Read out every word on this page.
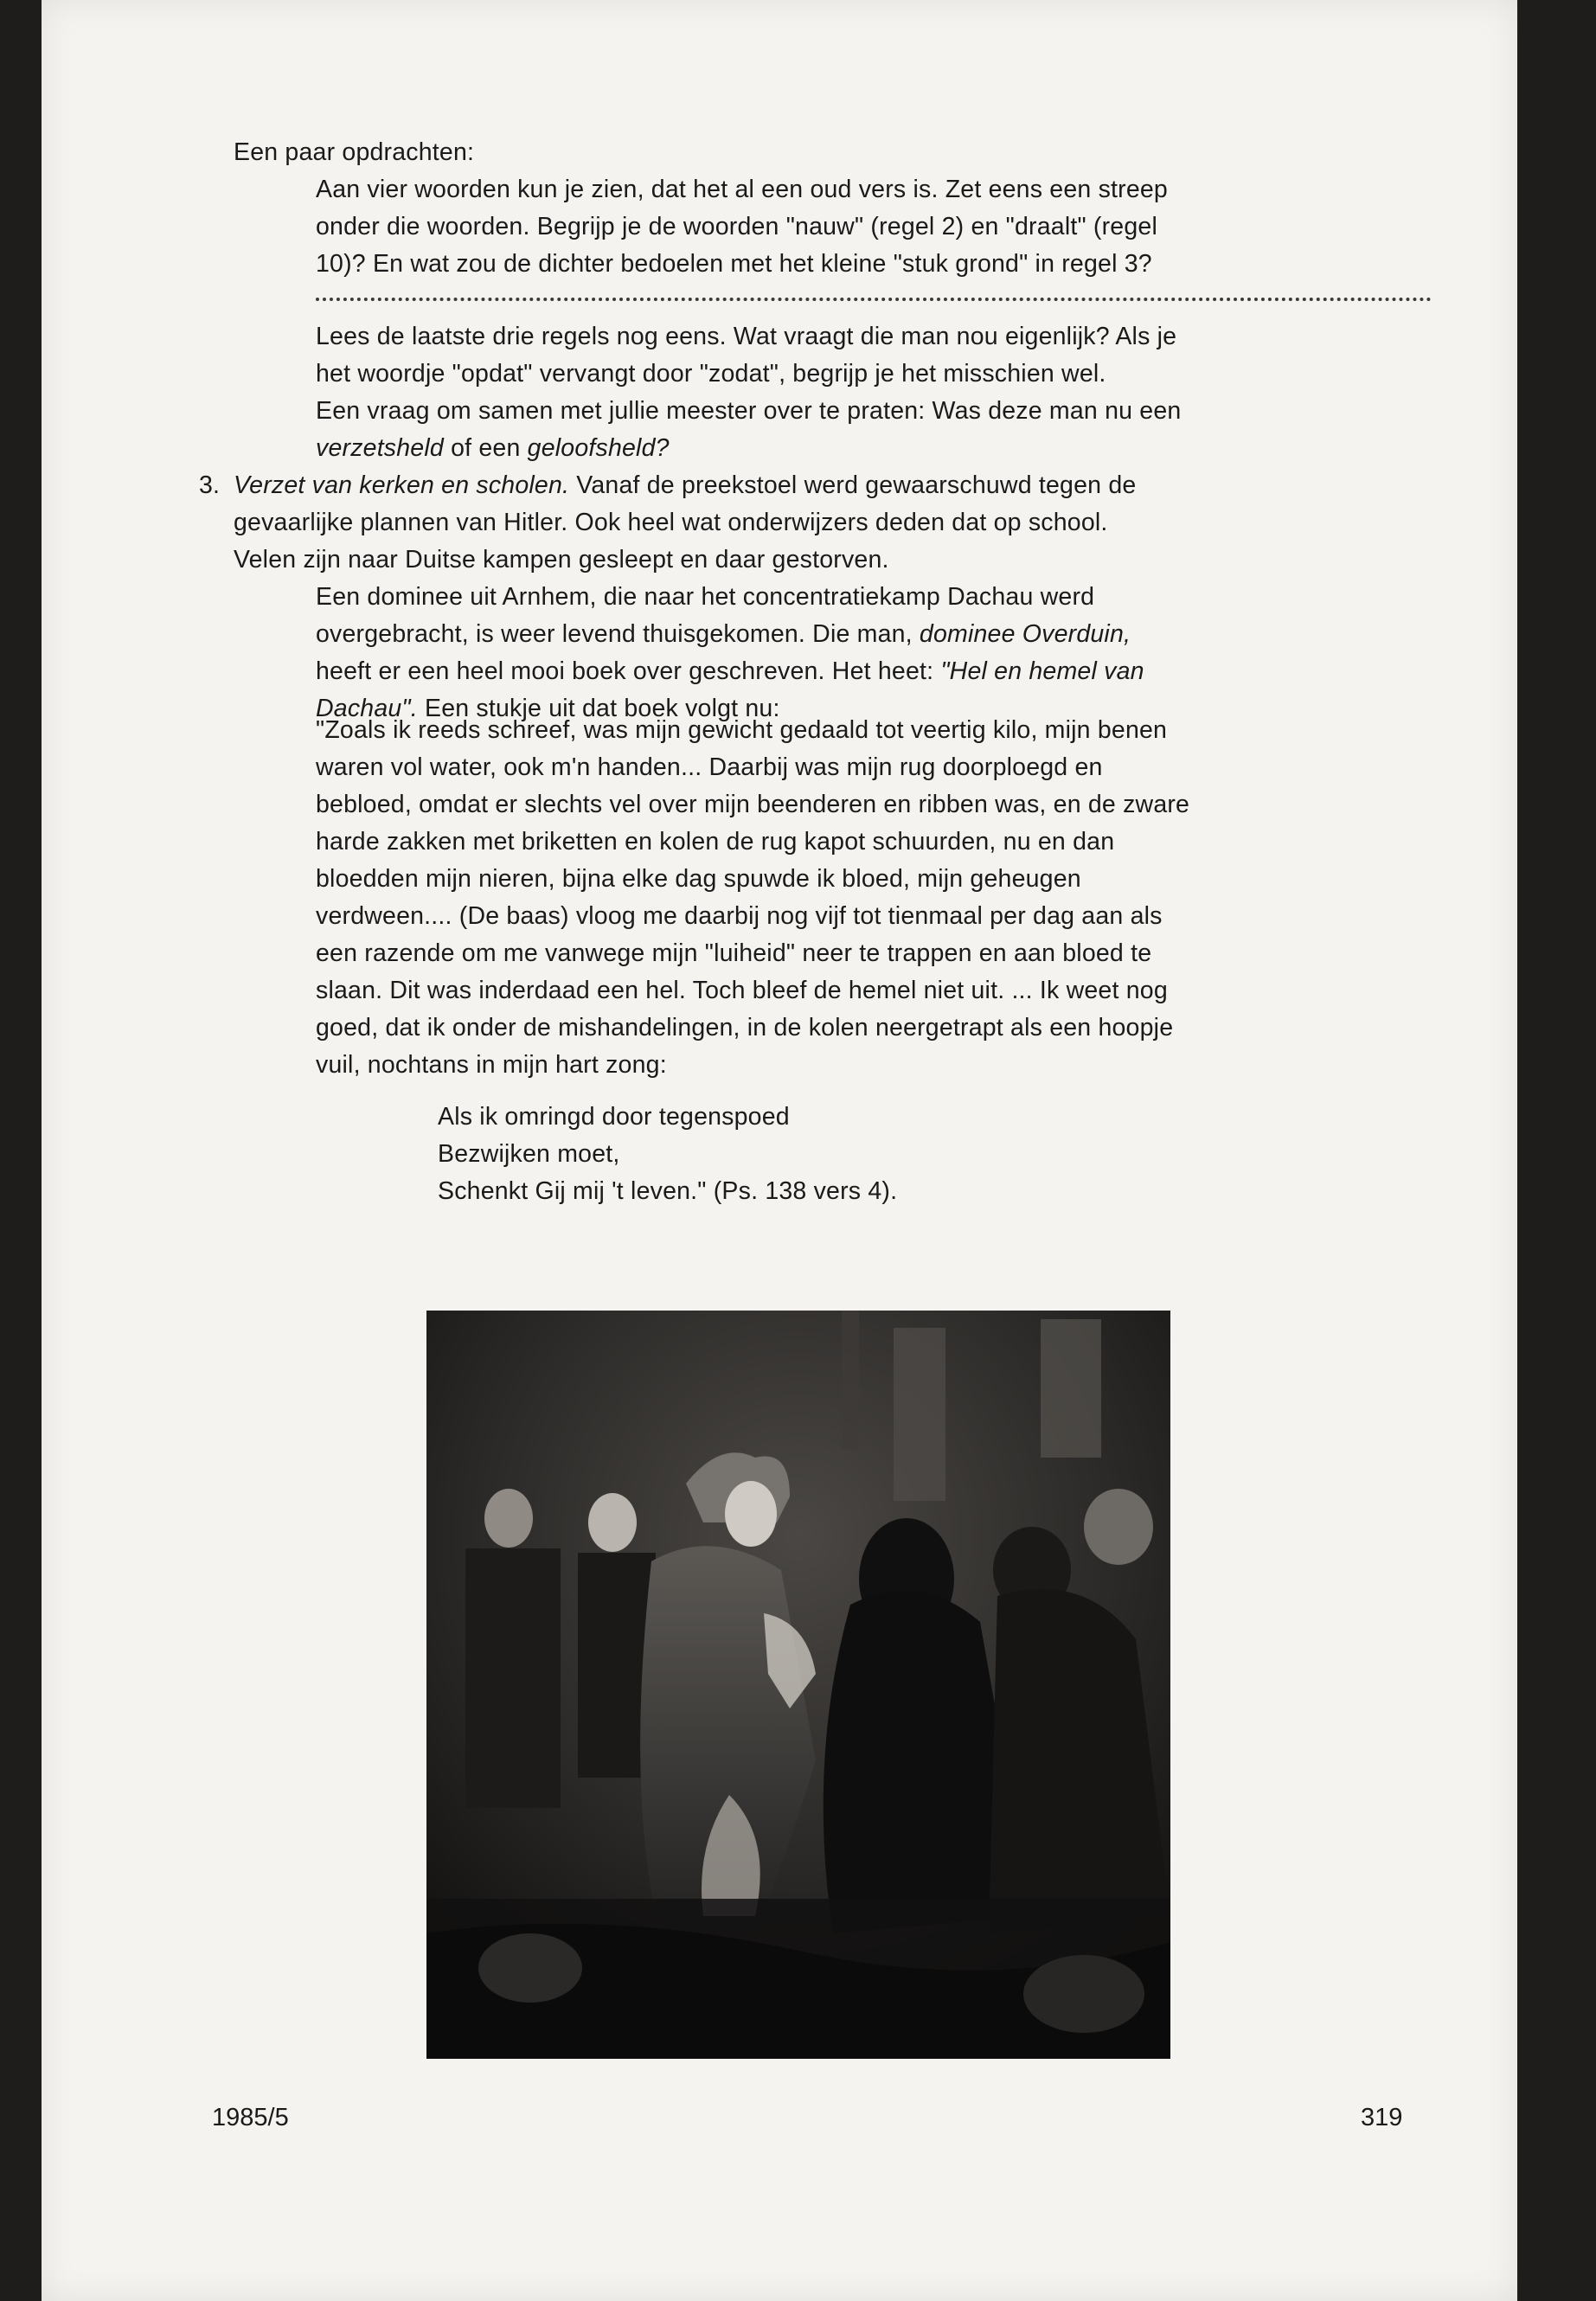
Een paar opdrachten:

Aan vier woorden kun je zien, dat het al een oud vers is. Zet eens een streep

onder die woorden. Begrijp je de woorden "nauw" (regel 2) en "draalt" (regel

10)? En wat zou de dichter bedoelen met het kleine "stuk grond" in regel 3?

Lees de laatste drie regels nog eens. Wat vraagt die man nou eigenlijk? Als je

het woordje "opdat" vervangt door "zodat", begrijp je het misschien wel.

Een vraag om samen met jullie meester over te praten: Was deze man nu een

verzetsheld of een geloofsheld?

3. Verzet van kerken en scholen. Vanaf de preekstoel werd gewaarschuwd tegen de

gevaarlijke plannen van Hitler. Ook heel wat onderwijzers deden dat op school.

Velen zijn naar Duitse kampen gesleept en daar gestorven.

Een dominee uit Arnhem, die naar het concentratiekamp Dachau werd

overgebracht, is weer levend thuisgekomen. Die man, dominee Overduin,

heeft er een heel mooi boek over geschreven. Het heet: "Hel en hemel van

Dachau". Een stukje uit dat boek volgt nu:

"Zoals ik reeds schreef, was mijn gewicht gedaald tot veertig kilo, mijn benen

waren vol water, ook m'n handen... Daarbij was mijn rug doorploegd en

bebloed, omdat er slechts vel over mijn beenderen en ribben was, en de zware

harde zakken met briketten en kolen de rug kapot schuurden, nu en dan

bloedden mijn nieren, bijna elke dag spuwde ik bloed, mijn geheugen

verdween.... (De baas) vloog me daarbij nog vijf tot tienmaal per dag aan als

een razende om me vanwege mijn "luiheid" neer te trappen en aan bloed te

slaan. Dit was inderdaad een hel. Toch bleef de hemel niet uit. ... Ik weet nog

goed, dat ik onder de mishandelingen, in de kolen neergetrapt als een hoopje

vuil, nochtans in mijn hart zong:

Als ik omringd door tegenspoed
Bezwijken moet,
Schenkt Gij mij 't leven." (Ps. 138 vers 4).
1985/5	319
